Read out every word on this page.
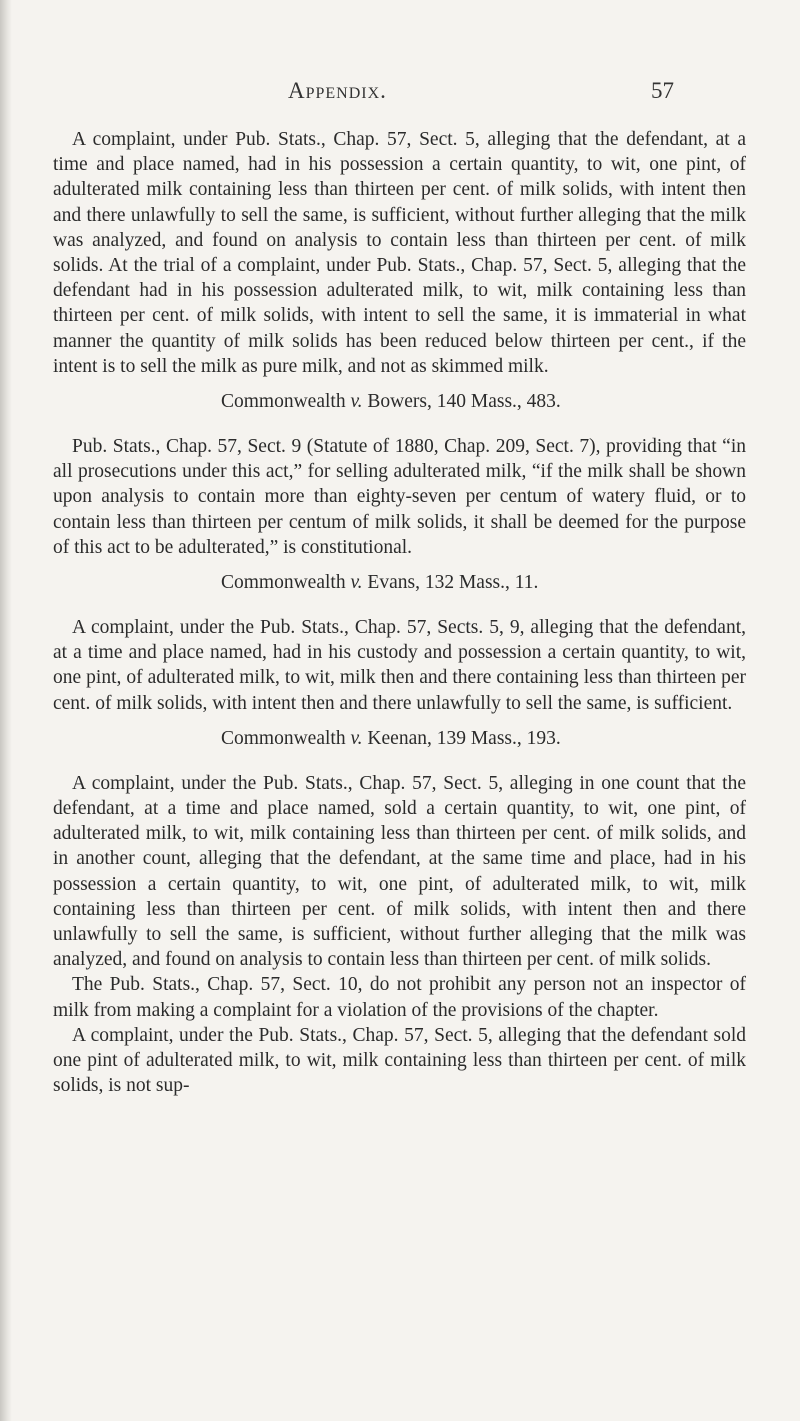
Appendix.	57

A complaint, under Pub. Stats., Chap. 57, Sect. 5, alleging that the defendant, at a time and place named, had in his possession a certain quantity, to wit, one pint, of adulterated milk containing less than thirteen per cent. of milk solids, with intent then and there unlawfully to sell the same, is sufficient, without further alleging that the milk was analyzed, and found on analysis to contain less than thirteen per cent. of milk solids. At the trial of a complaint, under Pub. Stats., Chap. 57, Sect. 5, alleging that the defendant had in his possession adulterated milk, to wit, milk containing less than thirteen per cent. of milk solids, with intent to sell the same, it is immaterial in what manner the quantity of milk solids has been reduced below thirteen per cent., if the intent is to sell the milk as pure milk, and not as skimmed milk.

Commonwealth v. Bowers, 140 Mass., 483.

Pub. Stats., Chap. 57, Sect. 9 (Statute of 1880, Chap. 209, Sect. 7), providing that “in all prosecutions under this act,” for selling adulterated milk, “if the milk shall be shown upon analysis to contain more than eighty-seven per centum of watery fluid, or to contain less than thirteen per centum of milk solids, it shall be deemed for the purpose of this act to be adulterated,” is constitutional.

Commonwealth v. Evans, 132 Mass., 11.

A complaint, under the Pub. Stats., Chap. 57, Sects. 5, 9, alleging that the defendant, at a time and place named, had in his custody and possession a certain quantity, to wit, one pint, of adulterated milk, to wit, milk then and there containing less than thirteen per cent. of milk solids, with intent then and there unlawfully to sell the same, is sufficient.

Commonwealth v. Keenan, 139 Mass., 193.

A complaint, under the Pub. Stats., Chap. 57, Sect. 5, alleging in one count that the defendant, at a time and place named, sold a certain quantity, to wit, one pint, of adulterated milk, to wit, milk containing less than thirteen per cent. of milk solids, and in another count, alleging that the defendant, at the same time and place, had in his possession a certain quantity, to wit, one pint, of adulterated milk, to wit, milk containing less than thirteen per cent. of milk solids, with intent then and there unlawfully to sell the same, is sufficient, without further alleging that the milk was analyzed, and found on analysis to contain less than thirteen per cent. of milk solids.

The Pub. Stats., Chap. 57, Sect. 10, do not prohibit any person not an inspector of milk from making a complaint for a violation of the provisions of the chapter.

A complaint, under the Pub. Stats., Chap. 57, Sect. 5, alleging that the defendant sold one pint of adulterated milk, to wit, milk containing less than thirteen per cent. of milk solids, is not sup-
